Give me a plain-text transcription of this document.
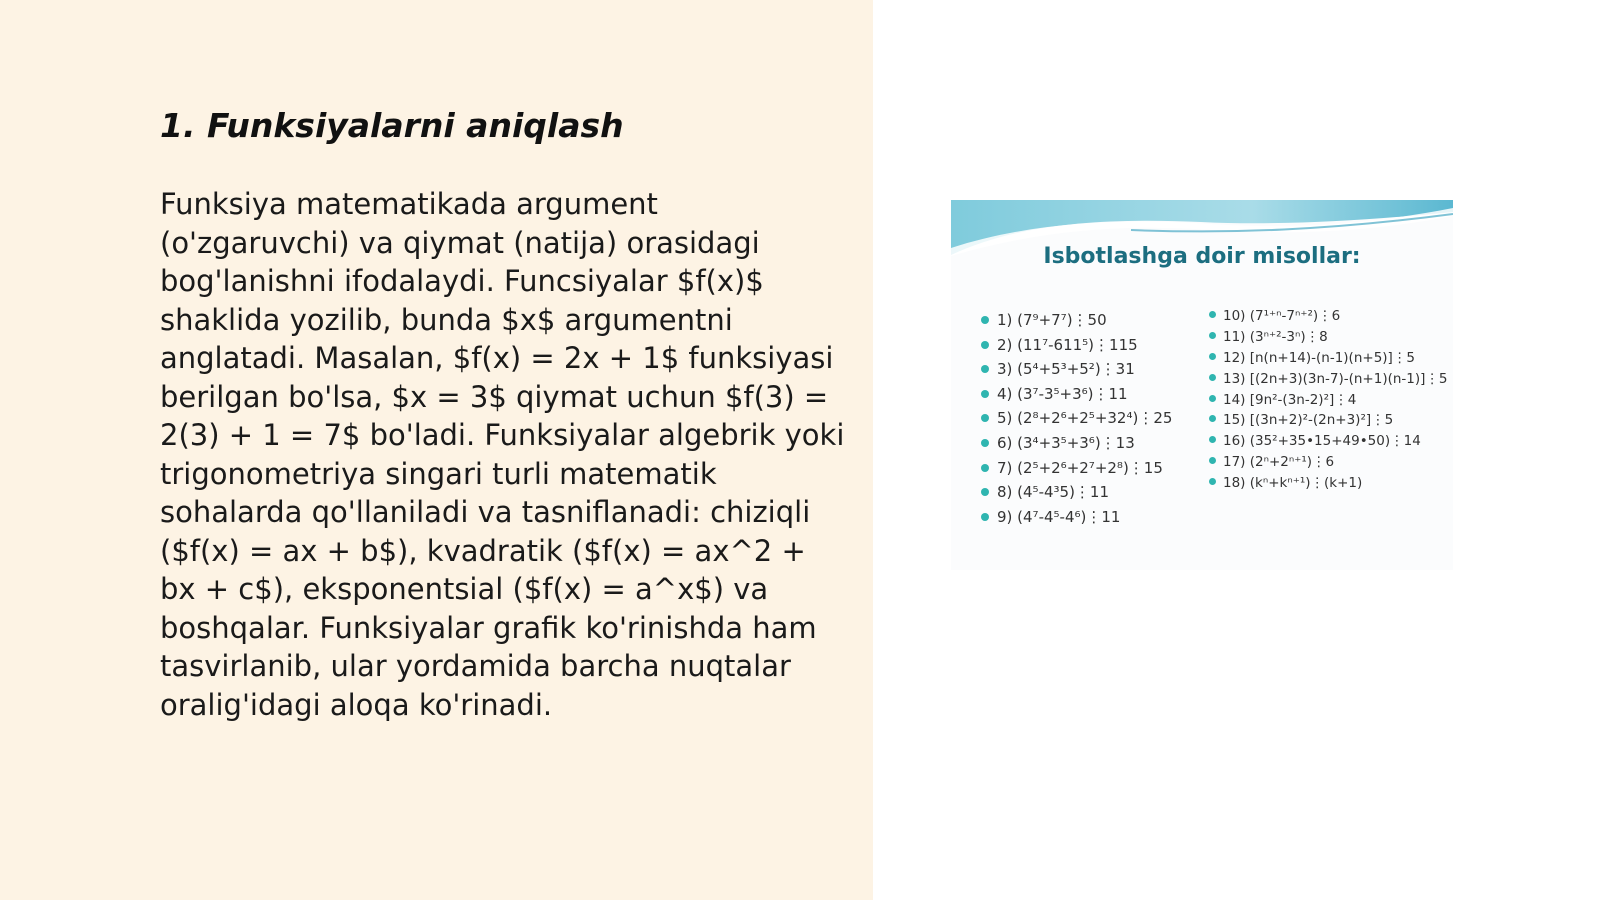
1. Funksiyalarni aniqlash

Funksiya matematikada argument (o'zgaruvchi) va qiymat (natija) orasidagi bog'lanishni ifodalaydi. Funcsiyalar $f(x)$ shaklida yozilib, bunda $x$ argumentni anglatadi. Masalan, $f(x) = 2x + 1$ funksiyasi berilgan bo'lsa, $x = 3$ qiymat uchun $f(3) = 2(3) + 1 = 7$ bo'ladi. Funksiyalar algebrik yoki trigonometriya singari turli matematik sohalarda qo'llaniladi va tasniflanadi: chiziqli ($f(x) = ax + b$), kvadratik ($f(x) = ax^2 + bx + c$), eksponentsial ($f(x) = a^x$) va boshqalar. Funksiyalar grafik ko'rinishda ham tasvirlanib, ular yordamida barcha nuqtalar oralig'idagi aloqa ko'rinadi.

Isbotlashga doir misollar:
1) (7⁹+7⁷)⋮50
2) (11⁷-611⁵)⋮115
3) (5⁴+5³+5²)⋮31
4) (3⁷-3⁵+3⁶)⋮11
5) (2⁸+2⁶+2⁵+32⁴)⋮25
6) (3⁴+3⁵+3⁶)⋮13
7) (2⁵+2⁶+2⁷+2⁸)⋮15
8) (4⁵-4³5)⋮11
9) (4⁷-4⁵-4⁶)⋮11
10) (7¹⁺ⁿ-7ⁿ⁺²)⋮6
11) (3ⁿ⁺²-3ⁿ)⋮8
12) [n(n+14)-(n-1)(n+5)]⋮5
13) [(2n+3)(3n-7)-(n+1)(n-1)]⋮5
14) [9n²-(3n-2)²]⋮4
15) [(3n+2)²-(2n+3)²]⋮5
16) (35²+35•15+49•50)⋮14
17) (2ⁿ+2ⁿ⁺¹)⋮6
18) (kⁿ+kⁿ⁺¹)⋮(k+1)
